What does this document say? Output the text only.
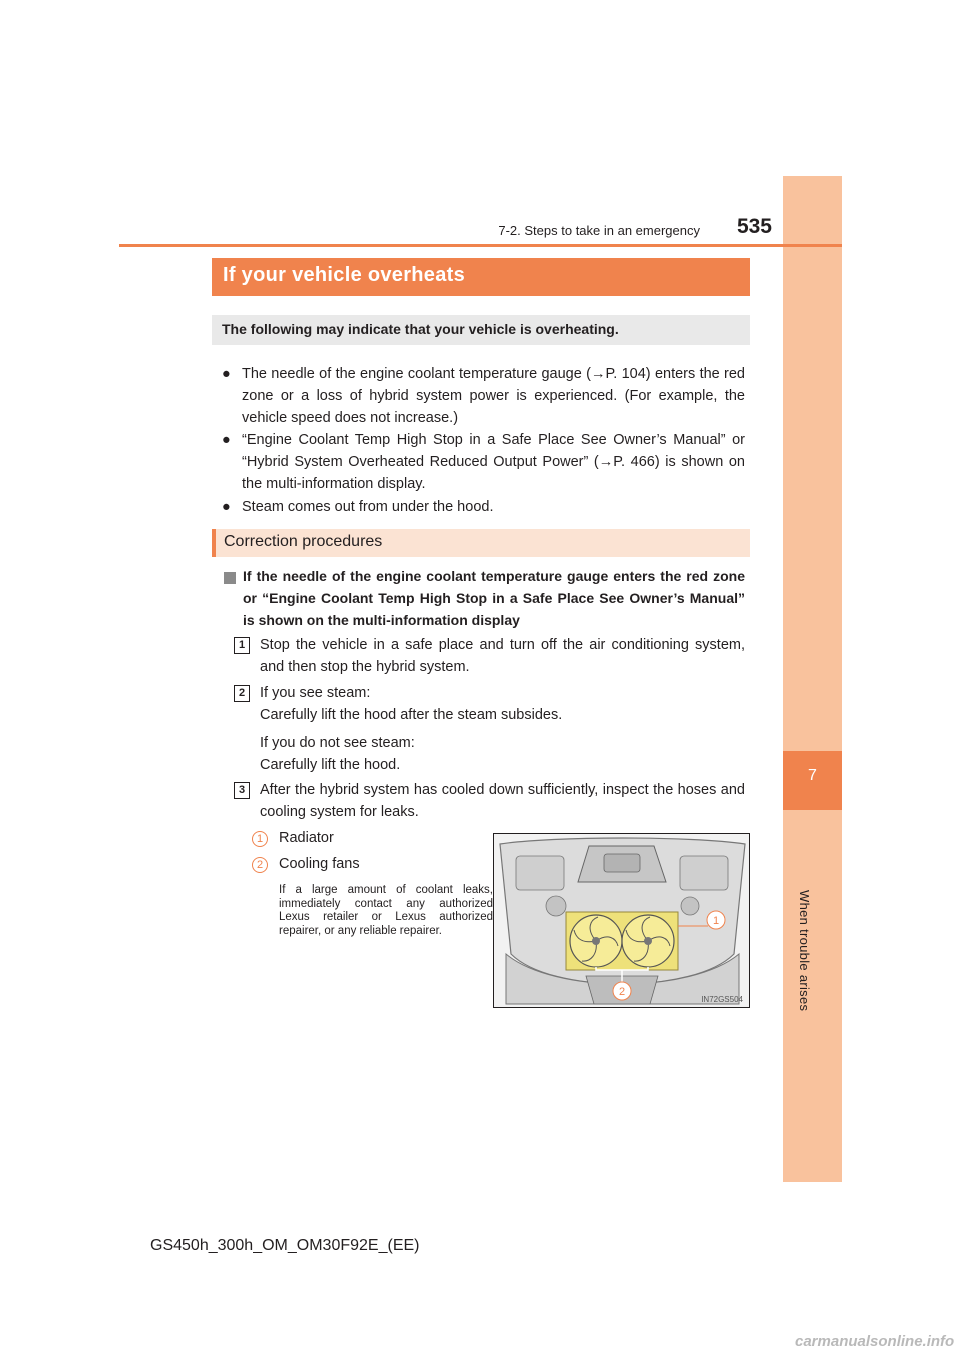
7
When trouble arises
7-2. Steps to take in an emergency	535
If your vehicle overheats
The following may indicate that your vehicle is overheating.
● The needle of the engine coolant temperature gauge (→P. 104) enters the red zone or a loss of hybrid system power is experienced. (For example, the vehicle speed does not increase.)
● “Engine Coolant Temp High Stop in a Safe Place See Owner’s Manual” or “Hybrid System Overheated Reduced Output Power” (→P. 466) is shown on the multi-information display.
● Steam comes out from under the hood.
Correction procedures
If the needle of the engine coolant temperature gauge enters the red zone or “Engine Coolant Temp High Stop in a Safe Place See Owner’s Manual” is shown on the multi-information display
1	Stop the vehicle in a safe place and turn off the air conditioning system, and then stop the hybrid system.
2	If you see steam:
Carefully lift the hood after the steam subsides.
If you do not see steam:
Carefully lift the hood.
3	After the hybrid system has cooled down sufficiently, inspect the hoses and cooling system for leaks.
1	Radiator
2	Cooling fans
If a large amount of coolant leaks, immediately contact any authorized Lexus retailer or Lexus authorized repairer, or any reliable repairer.
1
2
IN72GS504
GS450h_300h_OM_OM30F92E_(EE)
carmanualsonline.info
